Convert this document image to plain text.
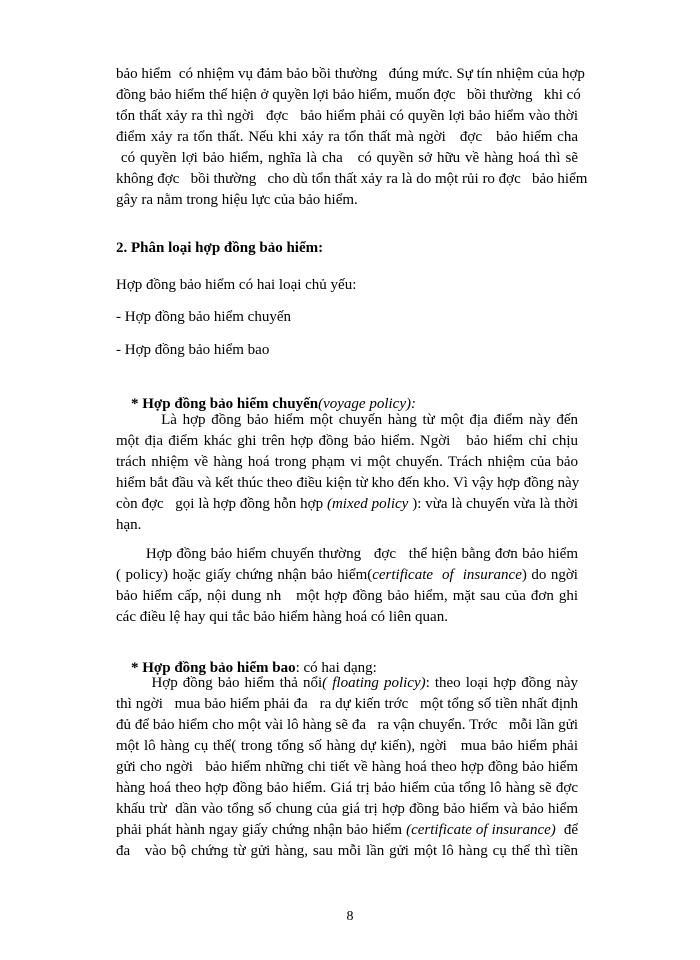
bảo hiểm  có nhiệm vụ đảm bảo bồi thường   đúng mức. Sự tín nhiệm của hợp
đồng bảo hiểm thể hiện ở quyền lợi bảo hiểm, muốn đợc   bồi thường   khi có
tổn thất xảy ra thì ngời   đợc   bảo hiểm phải có quyền lợi bảo hiểm vào thời
điểm xảy ra tổn thất. Nếu khi xảy ra tổn thất mà ngời   đợc   bảo hiểm cha
có quyền lợi bảo hiểm, nghĩa là cha   có quyền sở hữu về hàng hoá thì sẽ
không đợc   bồi thường   cho dù tổn thất xảy ra là do một rủi ro đợc   bảo hiểm
gây ra nằm trong hiệu lực của bảo hiểm.
2. Phân loại hợp đồng bảo hiểm:
Hợp đồng bảo hiểm có hai loại chủ yếu:
- Hợp đồng bảo hiểm chuyến
- Hợp đồng bảo hiểm bao

* Hợp đồng bảo hiểm chuyến(voyage policy):

Là hợp đồng bảo hiểm một chuyến hàng từ một địa điểm này đến
một địa điểm khác ghi trên hợp đồng bảo hiểm. Ngời   bảo hiểm chỉ chịu
trách nhiệm về hàng hoá trong phạm vi một chuyến. Trách nhiệm của bảo
hiểm bắt đầu và kết thúc theo điều kiện từ kho đến kho. Vì vậy hợp đồng này
còn đợc   gọi là hợp đồng hỗn hợp (mixed policy ): vừa là chuyến vừa là thời
hạn.
Hợp đồng bảo hiểm chuyến thường   đợc   thể hiện bằng đơn bảo hiểm
( policy) hoặc giấy chứng nhận bảo hiểm(certificate  of  insurance) do ngời
bảo hiểm cấp, nội dung nh   một hợp đồng bảo hiểm, mặt sau của đơn ghi
các điều lệ hay qui tắc bảo hiểm hàng hoá có liên quan.

* Hợp đồng bảo hiểm bao: có hai dạng:

Hợp đồng bảo hiểm thả nổi( floating policy): theo loại hợp đồng này
thì ngời   mua bảo hiểm phải đa   ra dự kiến trớc   một tổng số tiền nhất định
đủ để bảo hiểm cho một vài lô hàng sẽ đa   ra vận chuyển. Trớc   mỗi lần gửi
một lô hàng cụ thể( trong tổng số hàng dự kiến), ngời   mua bảo hiểm phải
gửi cho ngời   bảo hiểm những chi tiết về hàng hoá theo hợp đồng bảo hiểm
hàng hoá theo hợp đồng bảo hiểm. Giá trị bảo hiểm của tổng lô hàng sẽ đợc
khấu trừ  dần vào tổng số chung của giá trị hợp đồng bảo hiểm và bảo hiểm
phải phát hành ngay giấy chứng nhận bảo hiểm (certificate of insurance)  để
đa   vào bộ chứng từ gửi hàng, sau mỗi lần gửi một lô hàng cụ thể thì tiền
8
